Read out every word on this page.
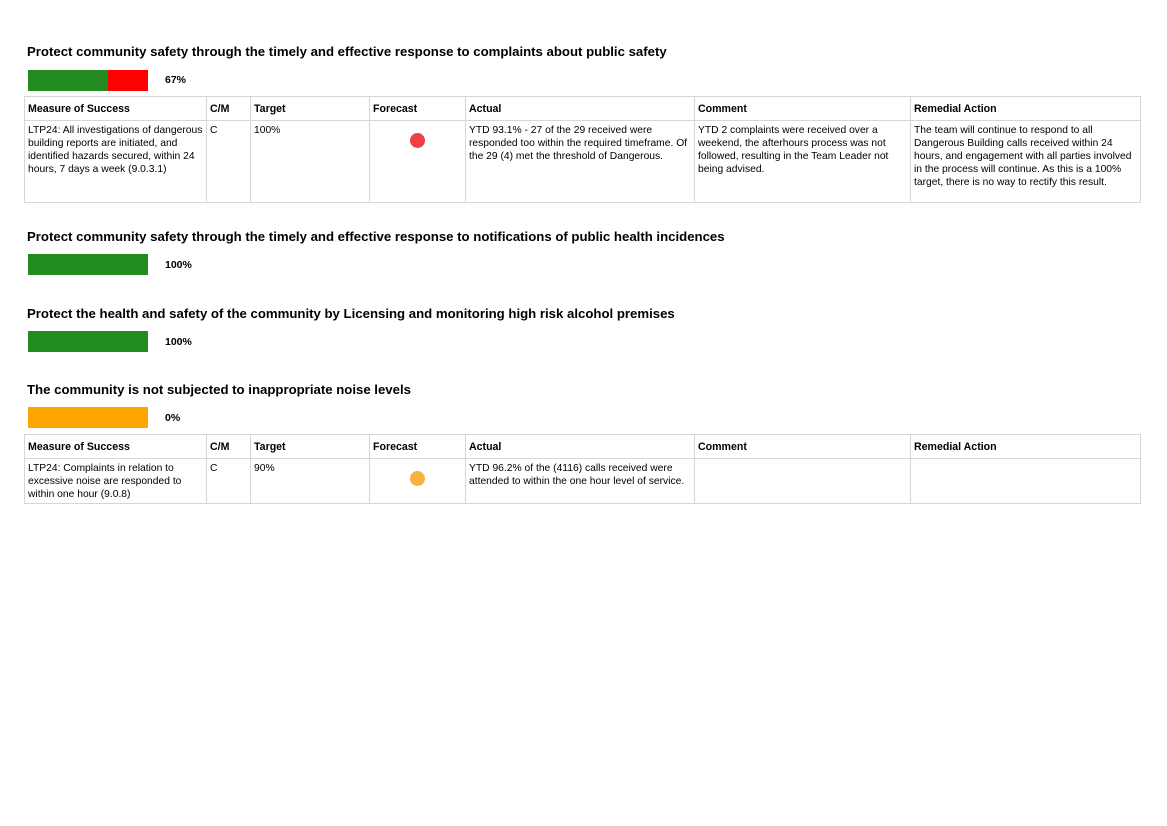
Protect community safety through the timely and effective response to complaints about public safety
67%
Measure of Success	C/M	Target	Forecast	Actual	Comment	Remedial Action
LTP24: All investigations of dangerous building reports are initiated, and identified hazards secured, within 24 hours, 7 days a week (9.0.3.1)	C	100%		YTD 93.1% - 27 of the 29 received were responded too within the required timeframe. Of the 29 (4) met the threshold of Dangerous.	YTD 2 complaints were received over a weekend, the afterhours process was not followed, resulting in the Team Leader not being advised.	The team will continue to respond to all Dangerous Building calls received within 24 hours, and engagement with all parties involved in the process will continue. As this is a 100% target, there is no way to rectify this result.
Protect community safety through the timely and effective response to notifications of public health incidences
100%
Protect the health and safety of the community by Licensing and monitoring high risk alcohol premises
100%
The community is not subjected to inappropriate noise levels
0%
Measure of Success	C/M	Target	Forecast	Actual	Comment	Remedial Action
LTP24: Complaints in relation to excessive noise are responded to within one hour (9.0.8)	C	90%		YTD 96.2% of the (4116) calls received were attended to within the one hour level of service.		
